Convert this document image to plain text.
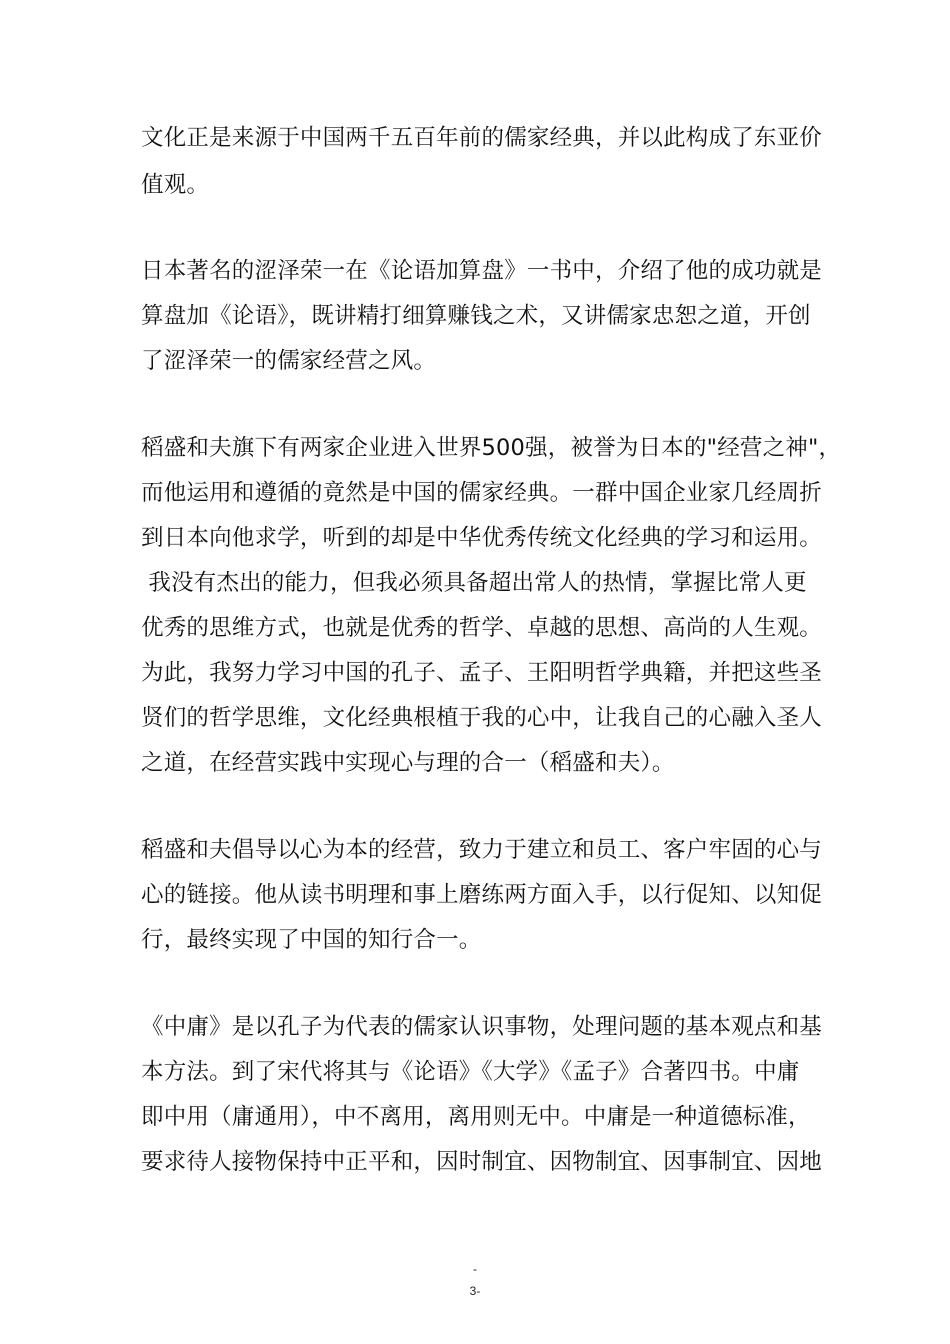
文化正是来源于中国两千五百年前的儒家经典，并以此构成了东亚价
值观。
日本著名的涩泽荣一在《论语加算盘》一书中，介绍了他的成功就是
算盘加《论语》，既讲精打细算赚钱之术，又讲儒家忠恕之道，开创
了涩泽荣一的儒家经营之风。
稻盛和夫旗下有两家企业进入世界500强，被誉为日本的"经营之神"，
而他运用和遵循的竟然是中国的儒家经典。一群中国企业家几经周折
到日本向他求学，听到的却是中华优秀传统文化经典的学习和运用。
我没有杰出的能力，但我必须具备超出常人的热情，掌握比常人更
优秀的思维方式，也就是优秀的哲学、卓越的思想、高尚的人生观。
为此，我努力学习中国的孔子、孟子、王阳明哲学典籍，并把这些圣
贤们的哲学思维，文化经典根植于我的心中，让我自己的心融入圣人
之道，在经营实践中实现心与理的合一（稻盛和夫）。
稻盛和夫倡导以心为本的经营，致力于建立和员工、客户牢固的心与
心的链接。他从读书明理和事上磨练两方面入手，以行促知、以知促
行，最终实现了中国的知行合一。
《中庸》是以孔子为代表的儒家认识事物，处理问题的基本观点和基
本方法。到了宋代将其与《论语》《大学》《孟子》合著四书。中庸
即中用（庸通用），中不离用，离用则无中。中庸是一种道德标准，
要求待人接物保持中正平和，因时制宜、因物制宜、因事制宜、因地
-
3-
